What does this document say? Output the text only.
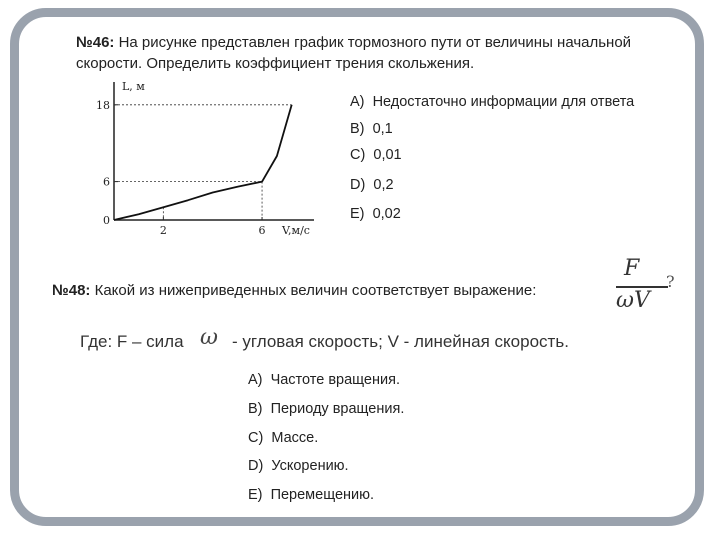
№46: На рисунке представлен график тормозного пути от величины начальной скорости. Определить коэффициент трения скольжения.
L, м
V,м/с
0
6
18
2	6
A) Недостаточно информации для ответа
B) 0,1
C) 0,01
D) 0,2
E) 0,02
№48: Какой из нижеприведенных величин соответствует выражение:
F
ωV
?
Где: F – сила ω - угловая скорость; V - линейная скорость.
A) Частоте вращения.
B) Периоду вращения.
C) Массе.
D) Ускорению.
E) Перемещению.
